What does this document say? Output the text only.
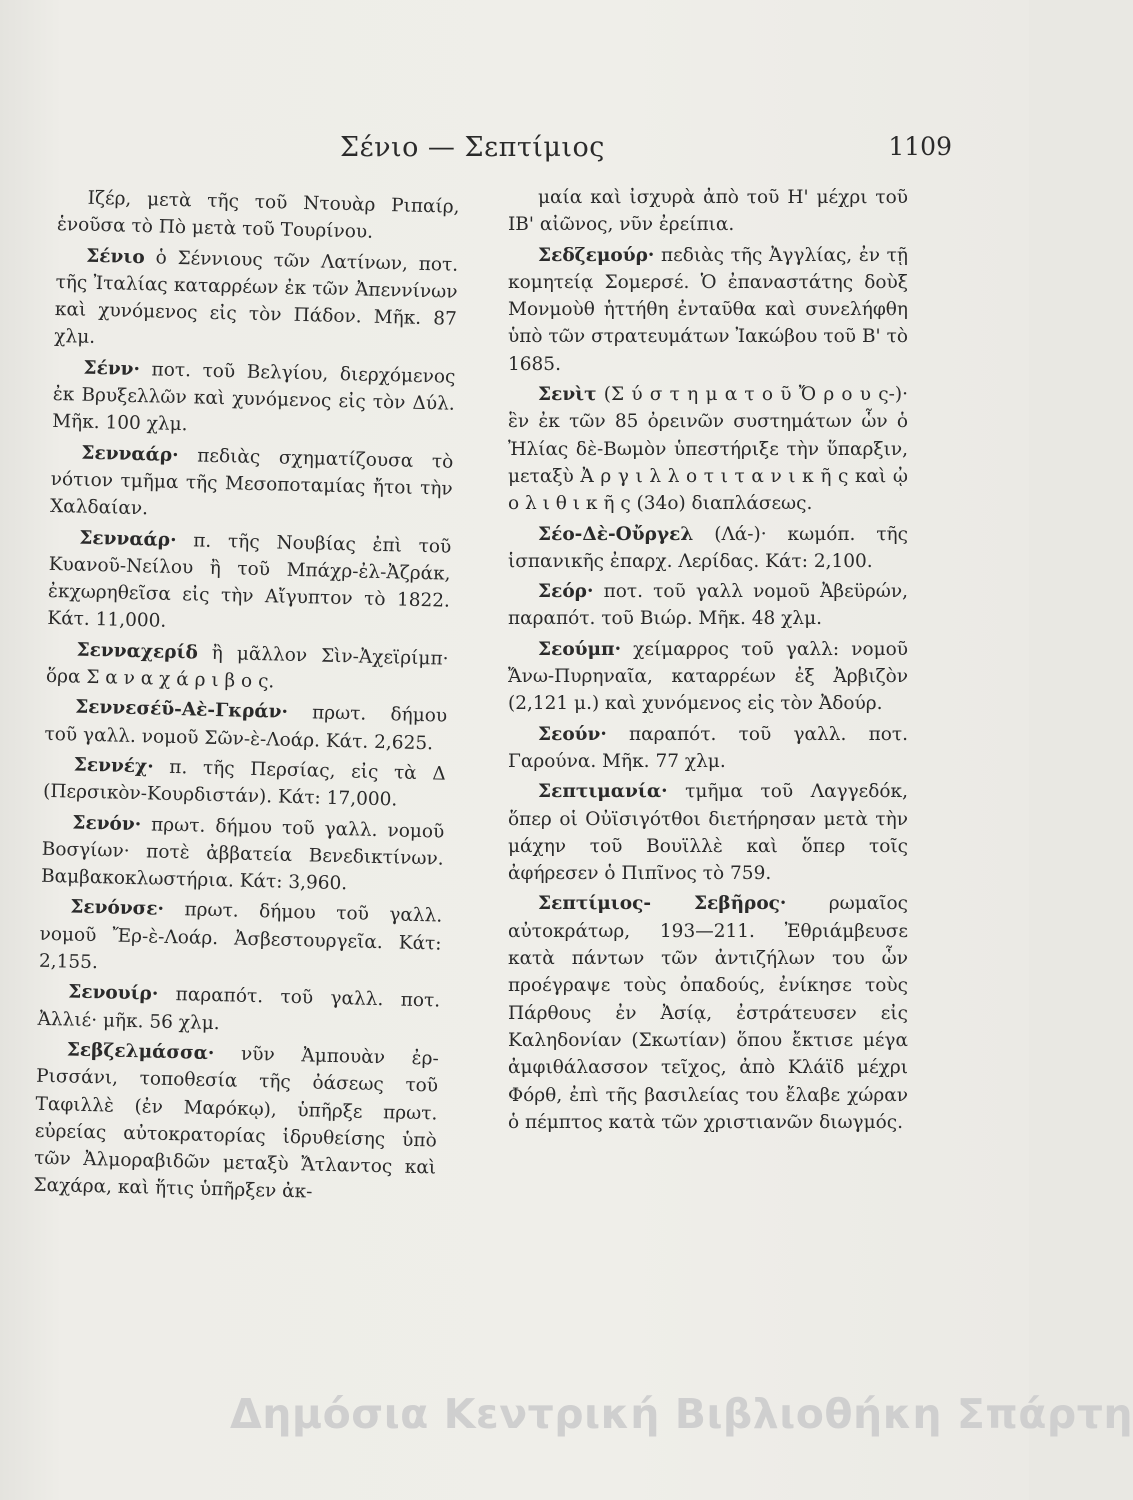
Σένιο — Σεπτίμιος	1109

Ιζέρ, μετὰ τῆς τοῦ Ντουὰρ Ριπαίρ, ἑνοῦσα τὸ Πὸ μετὰ τοῦ Τουρίνου.

Σένιο ὁ Σέννιους τῶν Λατίνων, ποτ. τῆς Ἰταλίας καταρρέων ἐκ τῶν Ἀπεννίνων καὶ χυνόμενος εἰς τὸν Πάδον. Μῆκ. 87 χλμ.

Σένν· ποτ. τοῦ Βελγίου, διερχόμενος ἐκ Βρυξελλῶν καὶ χυνόμενος εἰς τὸν Δύλ. Μῆκ. 100 χλμ.

Σενναάρ· πεδιὰς σχηματίζουσα τὸ νότιον τμῆμα τῆς Μεσοποταμίας ἤτοι τὴν Χαλδαίαν.

Σενναάρ· π. τῆς Νουβίας ἐπὶ τοῦ Κυανοῦ-Νείλου ἢ τοῦ Μπάχρ-ἐλ-Ἀζράκ, ἐκχωρηθεῖσα εἰς τὴν Αἴγυπτον τὸ 1822. Κάτ. 11,000.

Σενναχερίδ ἢ μᾶλλον Σὶν-Ἀχεϊρίμπ· ὅρα Σ α ν α χ ά ρ ι β ο ς.

Σεννεσέῦ-Αὲ-Γκράν· πρωτ. δήμου τοῦ γαλλ. νομοῦ Σῶν-ὲ-Λοάρ. Κάτ. 2,625.

Σεννέχ· π. τῆς Περσίας, εἰς τὰ Δ (Περσικὸν-Κουρδιστάν). Κάτ: 17,000.

Σενόν· πρωτ. δήμου τοῦ γαλλ. νομοῦ Βοσγίων· ποτὲ ἀββατεία Βενεδικτίνων. Βαμβακοκλωστήρια. Κάτ: 3,960.

Σενόνσε· πρωτ. δήμου τοῦ γαλλ. νομοῦ Ἔρ-ὲ-Λοάρ. Ἀσβεστουργεῖα. Κάτ: 2,155.

Σενουίρ· παραπότ. τοῦ γαλλ. ποτ. Ἀλλιέ· μῆκ. 56 χλμ.

Σεβζελμάσσα· νῦν Ἀμπουὰν ἐρ-Ρισσάνι, τοποθεσία τῆς ὀάσεως τοῦ Ταφιλλὲ (ἐν Μαρόκῳ), ὑπῆρξε πρωτ. εὐρείας αὐτοκρατορίας ἱδρυθείσης ὑπὸ τῶν Ἀλμοραβιδῶν μεταξὺ Ἄτλαντος καὶ Σαχάρα, καὶ ἥτις ὑπῆρξεν ἀκ-

μαία καὶ ἰσχυρὰ ἀπὸ τοῦ Η' μέχρι τοῦ ΙΒ' αἰῶνος, νῦν ἐρείπια.

Σεδζεμούρ· πεδιὰς τῆς Ἀγγλίας, ἐν τῇ κομητείᾳ Σομερσέ. Ὁ ἐπαναστάτης δοὺξ Μονμοὺθ ἡττήθη ἐνταῦθα καὶ συνελήφθη ὑπὸ τῶν στρατευμάτων Ἰακώβου τοῦ Β' τὸ 1685.

Σενὶτ (Σ ύ σ τ η μ α τ ο ῦ Ὄ ρ ο υ ς-)· ἓν ἐκ τῶν 85 ὀρεινῶν συστημάτων ὧν ὁ Ἠλίας δὲ-Βωμὸν ὑπεστήριξε τὴν ὕπαρξιν, μεταξὺ Ἀ ρ γ ι λ λ ο τ ι τ α ν ι κ ῆ ς καὶ ᾠ ο λ ι θ ι κ ῆ ς (34ο) διαπλάσεως.

Σέο-Δὲ-Οὔργελ (Λά-)· κωμόπ. τῆς ἱσπανικῆς ἐπαρχ. Λερίδας. Κάτ: 2,100.

Σεόρ· ποτ. τοῦ γαλλ νομοῦ Ἀβεϋρών, παραπότ. τοῦ Βιώρ. Μῆκ. 48 χλμ.

Σεούμπ· χείμαρρος τοῦ γαλλ: νομοῦ Ἄνω-Πυρηναῖα, καταρρέων ἐξ Ἀρβιζὸν (2,121 μ.) καὶ χυνόμενος εἰς τὸν Ἀδούρ.

Σεούν· παραπότ. τοῦ γαλλ. ποτ. Γαρούνα. Μῆκ. 77 χλμ.

Σεπτιμανία· τμῆμα τοῦ Λαγγεδόκ, ὅπερ οἱ Οὐϊσιγότθοι διετήρησαν μετὰ τὴν μάχην τοῦ Βουϊλλὲ καὶ ὅπερ τοῖς ἀφήρεσεν ὁ Πιπῖνος τὸ 759.

Σεπτίμιος- Σεβῆρος· ρωμαῖος αὐτοκράτωρ, 193—211. Ἐθριάμβευσε κατὰ πάντων τῶν ἀντιζήλων του ὧν προέγραψε τοὺς ὀπαδούς, ἐνίκησε τοὺς Πάρθους ἐν Ἀσίᾳ, ἐστράτευσεν εἰς Καληδονίαν (Σκωτίαν) ὅπου ἔκτισε μέγα ἀμφιθάλασσον τεῖχος, ἀπὸ Κλάϊδ μέχρι Φόρθ, ἐπὶ τῆς βασιλείας του ἔλαβε χώραν ὁ πέμπτος κατὰ τῶν χριστιανῶν διωγμός.

Δημόσια Κεντρική Βιβλιοθήκη Σπάρτη
